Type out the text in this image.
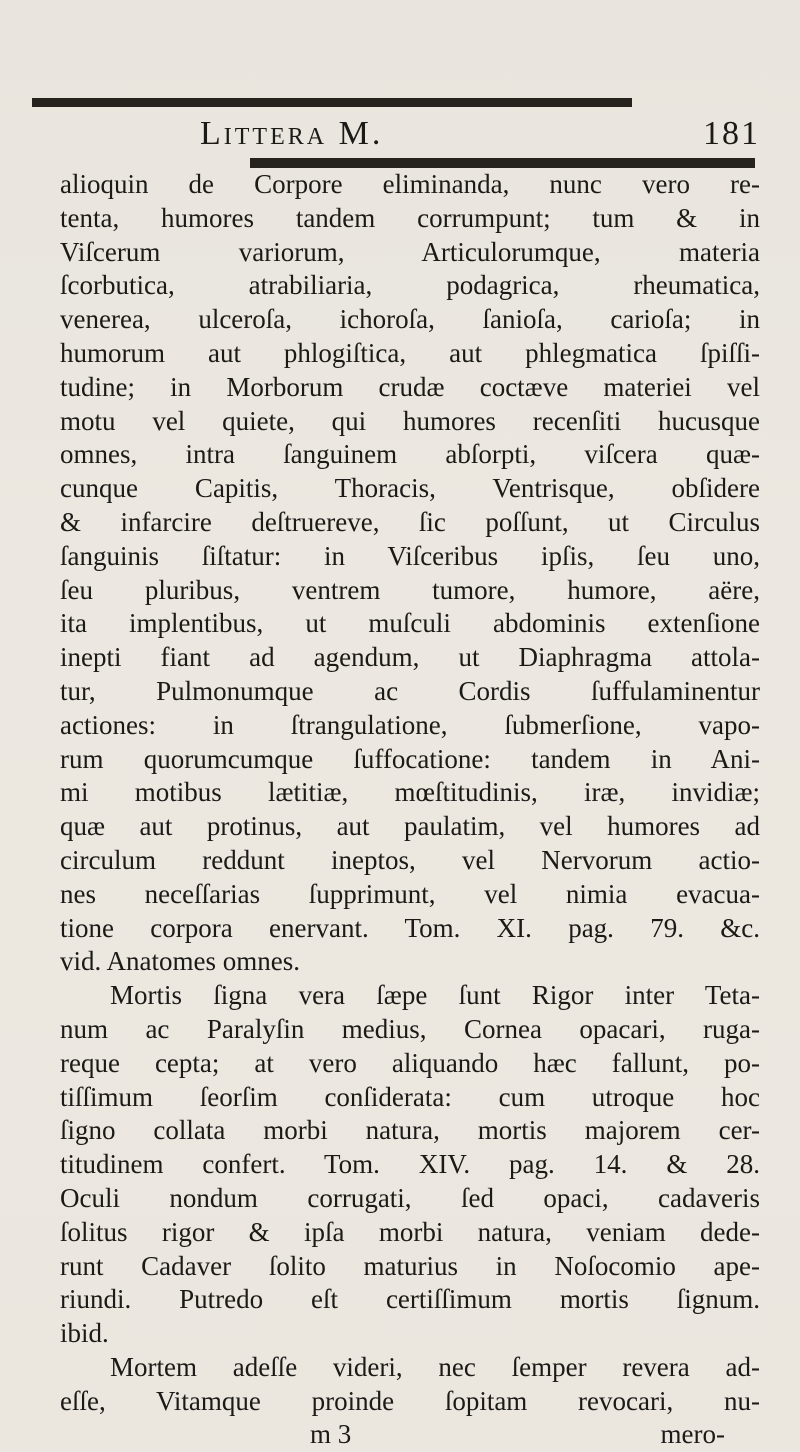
Littera M.	181
alioquin de Corpore eliminanda, nunc vero re-
tenta, humores tandem corrumpunt; tum & in
Viſcerum variorum, Articulorumque, materia
ſcorbutica, atrabiliaria, podagrica, rheumatica,
venerea, ulceroſa, ichoroſa, ſanioſa, carioſa; in
humorum aut phlogiſtica, aut phlegmatica ſpiſſi-
tudine; in Morborum crudæ coctæve materiei vel
motu vel quiete, qui humores recenſiti hucusque
omnes, intra ſanguinem abſorpti, viſcera quæ-
cunque Capitis, Thoracis, Ventrisque, obſidere
& infarcire deſtruereve, ſic poſſunt, ut Circulus
ſanguinis ſiſtatur: in Viſceribus ipſis, ſeu uno,
ſeu pluribus, ventrem tumore, humore, aëre,
ita implentibus, ut muſculi abdominis extenſione
inepti fiant ad agendum, ut Diaphragma attola-
tur, Pulmonumque ac Cordis ſuffulaminentur
actiones: in ſtrangulatione, ſubmerſione, vapo-
rum quorumcumque ſuffocatione: tandem in Ani-
mi motibus lætitiæ, mœſtitudinis, iræ, invidiæ;
quæ aut protinus, aut paulatim, vel humores ad
circulum reddunt ineptos, vel Nervorum actio-
nes neceſſarias ſupprimunt, vel nimia evacua-
tione corpora enervant. Tom. XI. pag. 79. &c.
vid. Anatomes omnes.
Mortis ſigna vera ſæpe ſunt Rigor inter Teta-
num ac Paralyſin medius, Cornea opacari, ruga-
reque cepta; at vero aliquando hæc fallunt, po-
tiſſimum ſeorſim conſiderata: cum utroque hoc
ſigno collata morbi natura, mortis majorem cer-
titudinem confert. Tom. XIV. pag. 14. & 28.
Oculi nondum corrugati, ſed opaci, cadaveris
ſolitus rigor & ipſa morbi natura, veniam dede-
runt Cadaver ſolito maturius in Noſocomio ape-
riundi. Putredo eſt certiſſimum mortis ſignum.
ibid.
Mortem adeſſe videri, nec ſemper revera ad-
eſſe, Vitamque proinde ſopitam revocari, nu-
m 3	mero-
